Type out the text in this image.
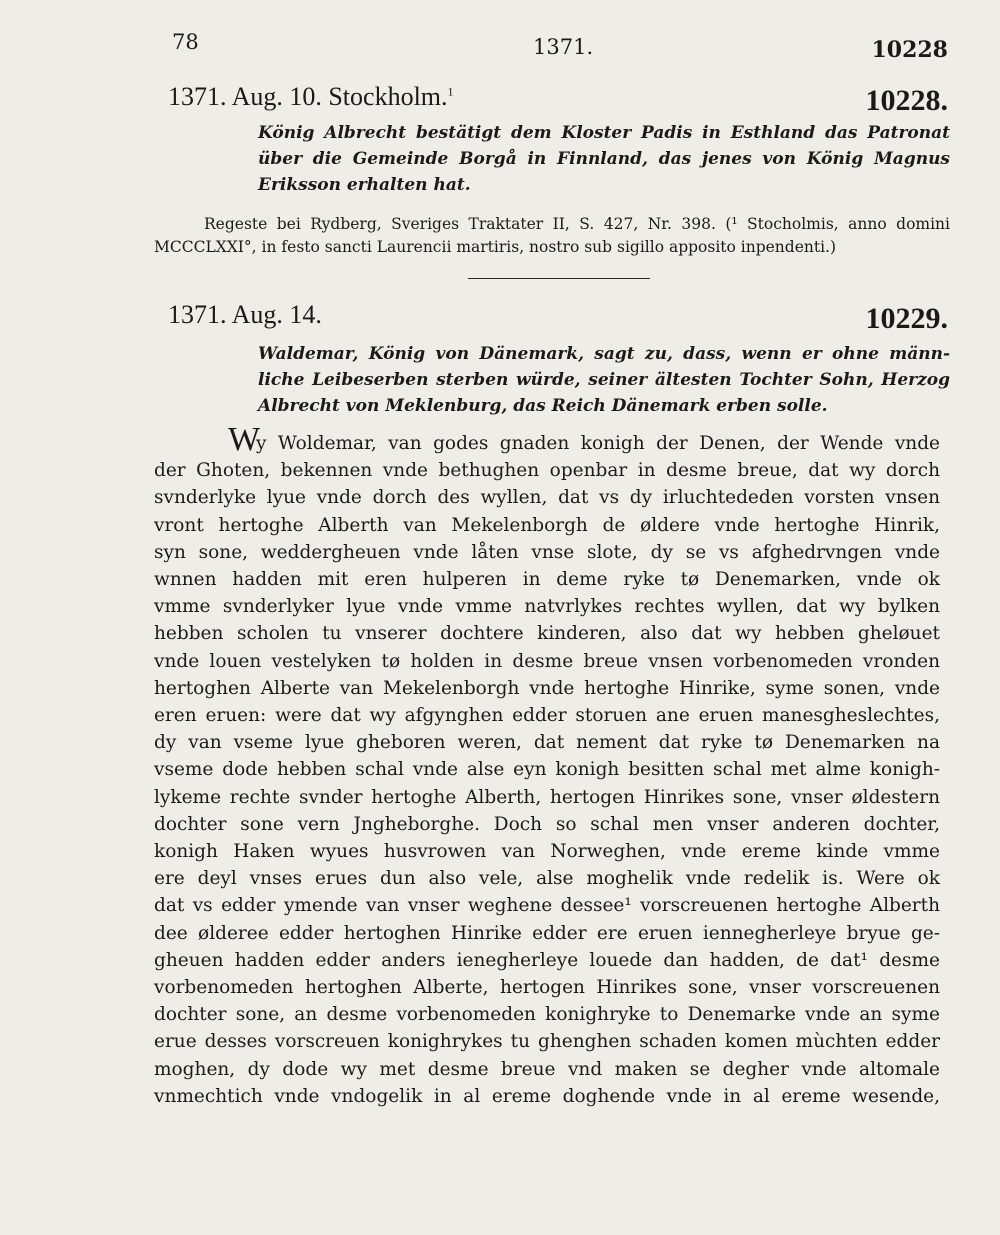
78	1371.	10228
1371. Aug. 10. Stockholm.$^1$	10228.
König Albrecht bestätigt dem Kloster Padis in Esthland das Patronat
über die Gemeinde Borgå in Finnland, das jenes von König Magnus
Eriksson erhalten hat.
Regeste bei Rydberg, Sveriges Traktater II, S. 427, Nr. 398. (¹ Stocholmis, anno domini
MCCCLXXI°, in festo sancti Laurencii martiris, nostro sub sigillo apposito inpendenti.)
1371. Aug. 14.	10229.
Waldemar, König von Dänemark, sagt zu, dass, wenn er ohne männ-
liche Leibeserben sterben würde, seiner ältesten Tochter Sohn, Herzog
Albrecht von Meklenburg, das Reich Dänemark erben solle.
W
y Woldemar, van godes gnaden konigh der Denen, der Wende vnde
der Ghoten, bekennen vnde bethughen openbar in desme breue, dat wy dorch
svnderlyke lyue vnde dorch des wyllen, dat vs dy irluchtededen vorsten vnsen
vront hertoghe Alberth van Mekelenborgh de øldere vnde hertoghe Hinrik,
syn sone, weddergheuen vnde låten vnse slote, dy se vs afghedrvngen vnde
wnnen hadden mit eren hulperen in deme ryke tø Denemarken, vnde ok
vmme svnderlyker lyue vnde vmme natvrlykes rechtes wyllen, dat wy bylken
hebben scholen tu vnserer dochtere kinderen, also dat wy hebben gheløuet
vnde louen vestelyken tø holden in desme breue vnsen vorbenomeden vronden
hertoghen Alberte van Mekelenborgh vnde hertoghe Hinrike, syme sonen, vnde
eren eruen: were dat wy afgynghen edder storuen ane eruen manesgheslechtes,
dy van vseme lyue gheboren weren, dat nement dat ryke tø Denemarken na
vseme dode hebben schal vnde alse eyn konigh besitten schal met alme konigh-
lykeme rechte svnder hertoghe Alberth, hertogen Hinrikes sone, vnser øldestern
dochter sone vern Jngheborghe. Doch so schal men vnser anderen dochter,
konigh Haken wyues husvrowen van Norweghen, vnde ereme kinde vmme
ere deyl vnses erues dun also vele, alse moghelik vnde redelik is. Were ok
dat vs edder ymende van vnser weghene dessee¹ vorscreuenen hertoghe Alberth
dee ølderee edder hertoghen Hinrike edder ere eruen iennegherleye bryue ge-
gheuen hadden edder anders ienegherleye louede dan hadden, de dat¹ desme
vorbenomeden hertoghen Alberte, hertogen Hinrikes sone, vnser vorscreuenen
dochter sone, an desme vorbenomeden konighryke to Denemarke vnde an syme
erue desses vorscreuen konighrykes tu ghenghen schaden komen mùchten edder
moghen, dy dode wy met desme breue vnd maken se degher vnde altomale
vnmechtich vnde vndogelik in al ereme doghende vnde in al ereme wesende,
